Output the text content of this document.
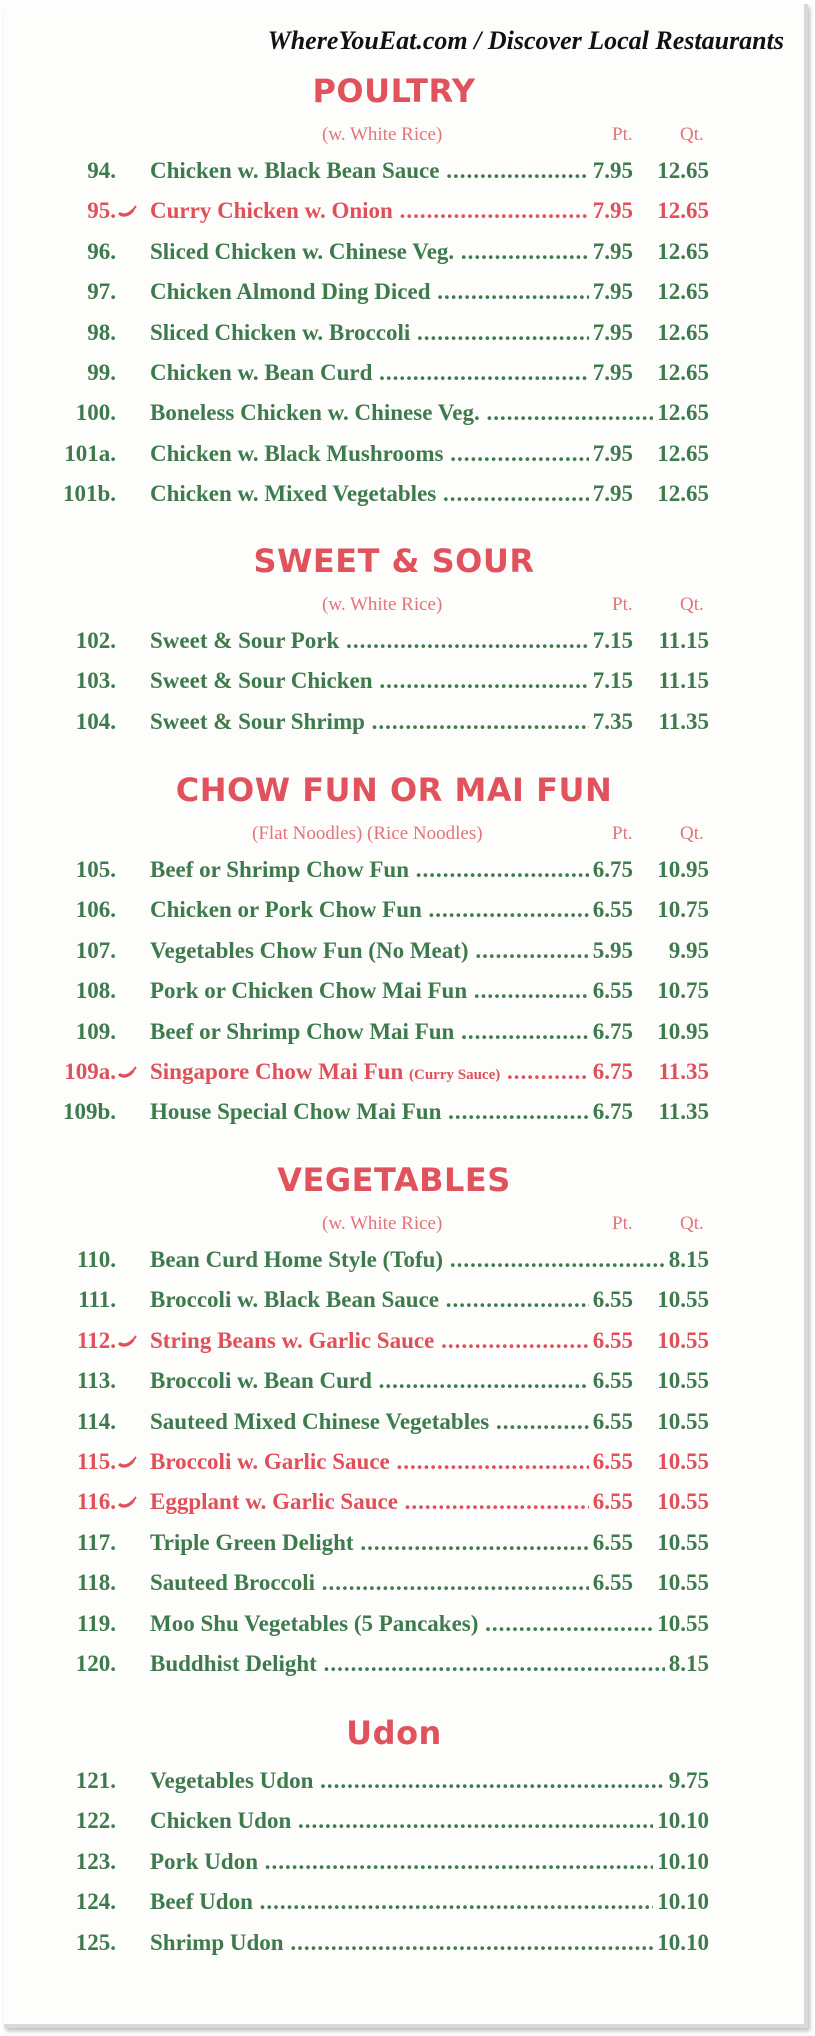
WhereYouEat.com / Discover Local Restaurants
POULTRY
(w. White Rice)	Pt. Qt.
94. Chicken w. Black Bean Sauce .....	7.95 12.65
95. Curry Chicken w. Onion .....	7.95 12.65
96. Sliced Chicken w. Chinese Veg. .....	7.95 12.65
97. Chicken Almond Ding Diced .....	7.95 12.65
98. Sliced Chicken w. Broccoli .....	7.95 12.65
99. Chicken w. Bean Curd .....	7.95 12.65
100. Boneless Chicken w. Chinese Veg. .....	12.65
101a. Chicken w. Black Mushrooms .....	7.95 12.65
101b. Chicken w. Mixed Vegetables .....	7.95 12.65
SWEET & SOUR
(w. White Rice)	Pt. Qt.
102. Sweet & Sour Pork .....	7.15 11.15
103. Sweet & Sour Chicken .....	7.15 11.15
104. Sweet & Sour Shrimp .....	7.35 11.35
CHOW FUN OR MAI FUN
(Flat Noodles) (Rice Noodles)	Pt. Qt.
105. Beef or Shrimp Chow Fun .....	6.75 10.95
106. Chicken or Pork Chow Fun .....	6.55 10.75
107. Vegetables Chow Fun (No Meat) .....	5.95 9.95
108. Pork or Chicken Chow Mai Fun .....	6.55 10.75
109. Beef or Shrimp Chow Mai Fun .....	6.75 10.95
109a. Singapore Chow Mai Fun (Curry Sauce) .....	6.75 11.35
109b. House Special Chow Mai Fun .....	6.75 11.35
VEGETABLES
(w. White Rice)	Pt. Qt.
110. Bean Curd Home Style (Tofu) .....	8.15
111. Broccoli w. Black Bean Sauce .....	6.55 10.55
112. String Beans w. Garlic Sauce .....	6.55 10.55
113. Broccoli w. Bean Curd .....	6.55 10.55
114. Sauteed Mixed Chinese Vegetables .....	6.55 10.55
115. Broccoli w. Garlic Sauce .....	6.55 10.55
116. Eggplant w. Garlic Sauce .....	6.55 10.55
117. Triple Green Delight .....	6.55 10.55
118. Sauteed Broccoli .....	6.55 10.55
119. Moo Shu Vegetables (5 Pancakes) .....	10.55
120. Buddhist Delight .....	8.15
Udon
121. Vegetables Udon .....	9.75
122. Chicken Udon .....	10.10
123. Pork Udon .....	10.10
124. Beef Udon .....	10.10
125. Shrimp Udon .....	10.10
